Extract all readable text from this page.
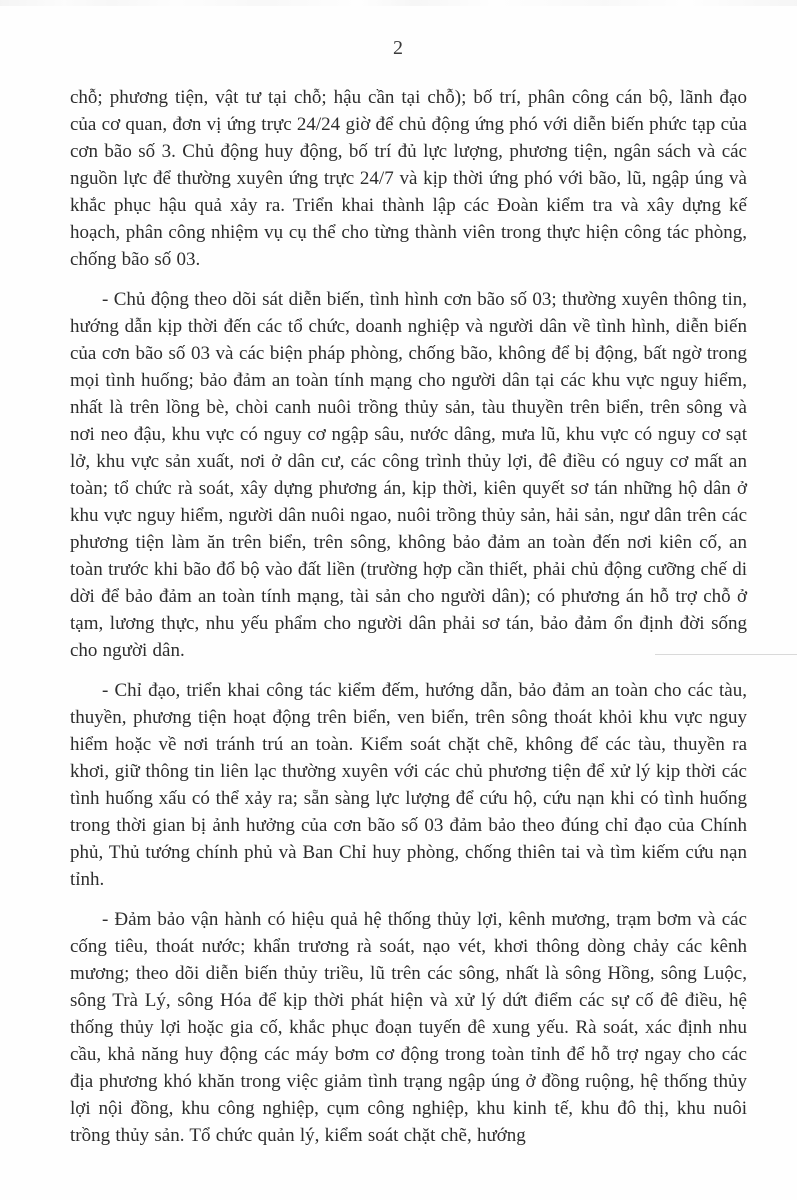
2

chỗ; phương tiện, vật tư tại chỗ; hậu cần tại chỗ); bố trí, phân công cán bộ, lãnh đạo của cơ quan, đơn vị ứng trực 24/24 giờ để chủ động ứng phó với diễn biến phức tạp của cơn bão số 3. Chủ động huy động, bố trí đủ lực lượng, phương tiện, ngân sách và các nguồn lực để thường xuyên ứng trực 24/7 và kịp thời ứng phó với bão, lũ, ngập úng và khắc phục hậu quả xảy ra. Triển khai thành lập các Đoàn kiểm tra và xây dựng kế hoạch, phân công nhiệm vụ cụ thể cho từng thành viên trong thực hiện công tác phòng, chống bão số 03.

- Chủ động theo dõi sát diễn biến, tình hình cơn bão số 03; thường xuyên thông tin, hướng dẫn kịp thời đến các tổ chức, doanh nghiệp và người dân về tình hình, diễn biến của cơn bão số 03 và các biện pháp phòng, chống bão, không để bị động, bất ngờ trong mọi tình huống; bảo đảm an toàn tính mạng cho người dân tại các khu vực nguy hiểm, nhất là trên lồng bè, chòi canh nuôi trồng thủy sản, tàu thuyền trên biển, trên sông và nơi neo đậu, khu vực có nguy cơ ngập sâu, nước dâng, mưa lũ, khu vực có nguy cơ sạt lở, khu vực sản xuất, nơi ở dân cư, các công trình thủy lợi, đê điều có nguy cơ mất an toàn; tổ chức rà soát, xây dựng phương án, kịp thời, kiên quyết sơ tán những hộ dân ở khu vực nguy hiểm, người dân nuôi ngao, nuôi trồng thủy sản, hải sản, ngư dân trên các phương tiện làm ăn trên biển, trên sông, không bảo đảm an toàn đến nơi kiên cố, an toàn trước khi bão đổ bộ vào đất liền (trường hợp cần thiết, phải chủ động cưỡng chế di dời để bảo đảm an toàn tính mạng, tài sản cho người dân); có phương án hỗ trợ chỗ ở tạm, lương thực, nhu yếu phẩm cho người dân phải sơ tán, bảo đảm ổn định đời sống cho người dân.

- Chỉ đạo, triển khai công tác kiểm đếm, hướng dẫn, bảo đảm an toàn cho các tàu, thuyền, phương tiện hoạt động trên biển, ven biển, trên sông thoát khỏi khu vực nguy hiểm hoặc về nơi tránh trú an toàn. Kiểm soát chặt chẽ, không để các tàu, thuyền ra khơi, giữ thông tin liên lạc thường xuyên với các chủ phương tiện để xử lý kịp thời các tình huống xấu có thể xảy ra; sẵn sàng lực lượng để cứu hộ, cứu nạn khi có tình huống trong thời gian bị ảnh hưởng của cơn bão số 03 đảm bảo theo đúng chỉ đạo của Chính phủ, Thủ tướng chính phủ và Ban Chỉ huy phòng, chống thiên tai và tìm kiếm cứu nạn tỉnh.

- Đảm bảo vận hành có hiệu quả hệ thống thủy lợi, kênh mương, trạm bơm và các cống tiêu, thoát nước; khẩn trương rà soát, nạo vét, khơi thông dòng chảy các kênh mương; theo dõi diễn biến thủy triều, lũ trên các sông, nhất là sông Hồng, sông Luộc, sông Trà Lý, sông Hóa để kịp thời phát hiện và xử lý dứt điểm các sự cố đê điều, hệ thống thủy lợi hoặc gia cố, khắc phục đoạn tuyến đê xung yếu. Rà soát, xác định nhu cầu, khả năng huy động các máy bơm cơ động trong toàn tỉnh để hỗ trợ ngay cho các địa phương khó khăn trong việc giảm tình trạng ngập úng ở đồng ruộng, hệ thống thủy lợi nội đồng, khu công nghiệp, cụm công nghiệp, khu kinh tế, khu đô thị, khu nuôi trồng thủy sản. Tổ chức quản lý, kiểm soát chặt chẽ, hướng
